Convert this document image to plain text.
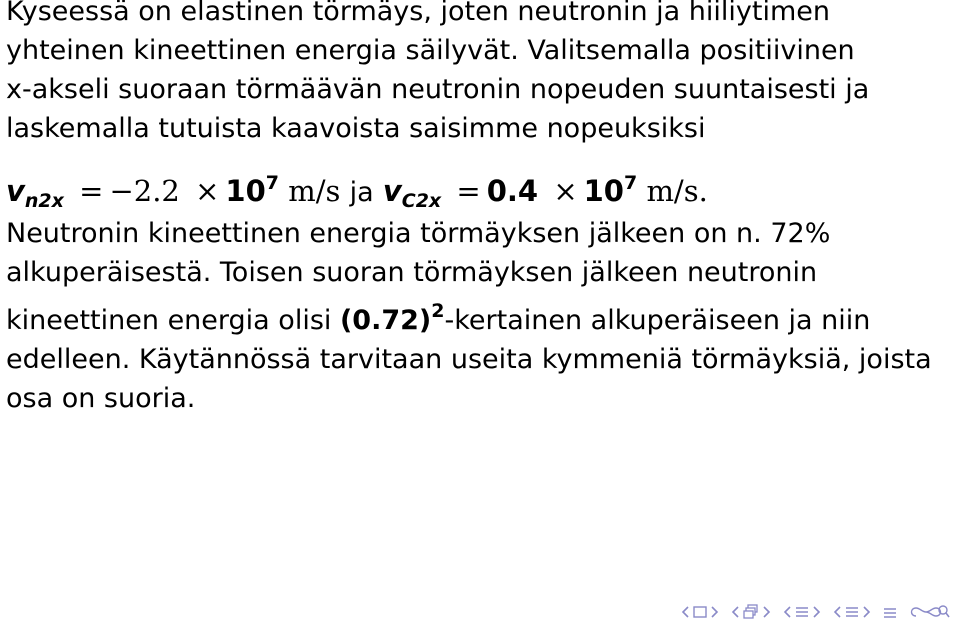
Kyseessä on elastinen törmäys, joten neutronin ja hiiliytimen
yhteinen kineettinen energia säilyvät. Valitsemalla positiivinen
x-akseli suoraan törmäävän neutronin nopeuden suuntaisesti ja
laskemalla tutuista kaavoista saisimme nopeuksiksi
$v_{n2x} = -2.2 \times 10^7$ m/s ja $v_{C2x} = 0.4 \times 10^7$ m/s.
Neutronin kineettinen energia törmäyksen jälkeen on n. 72%
alkuperäisestä. Toisen suoran törmäyksen jälkeen neutronin
kineettinen energia olisi $(0.72)^2$-kertainen alkuperäiseen ja niin
edelleen. Käytännössä tarvitaan useita kymmeniä törmäyksiä, joista
osa on suoria.
